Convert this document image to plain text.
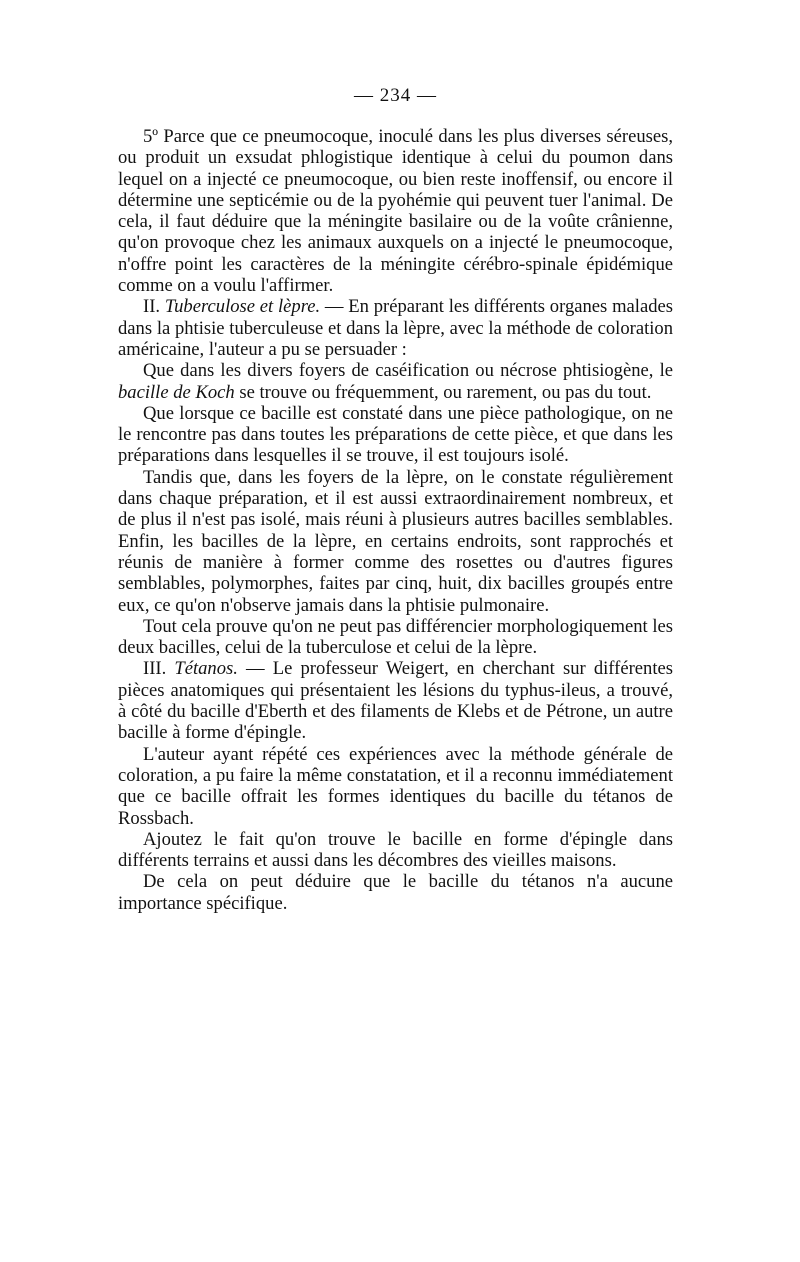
— 234 —

5º Parce que ce pneumocoque, inoculé dans les plus diverses séreuses, ou produit un exsudat phlogistique identique à celui du poumon dans lequel on a injecté ce pneumocoque, ou bien reste inoffensif, ou encore il détermine une septicémie ou de la pyohémie qui peuvent tuer l'animal. De cela, il faut déduire que la méningite basilaire ou de la voûte crânienne, qu'on provoque chez les animaux auxquels on a injecté le pneumocoque, n'offre point les caractères de la méningite cérébro-spinale épidémique comme on a voulu l'affirmer.

II. Tuberculose et lèpre. — En préparant les différents organes malades dans la phtisie tuberculeuse et dans la lèpre, avec la méthode de coloration américaine, l'auteur a pu se persuader :

Que dans les divers foyers de caséification ou nécrose phtisiogène, le bacille de Koch se trouve ou fréquemment, ou rarement, ou pas du tout.

Que lorsque ce bacille est constaté dans une pièce pathologique, on ne le rencontre pas dans toutes les préparations de cette pièce, et que dans les préparations dans lesquelles il se trouve, il est toujours isolé.

Tandis que, dans les foyers de la lèpre, on le constate régulièrement dans chaque préparation, et il est aussi extraordinairement nombreux, et de plus il n'est pas isolé, mais réuni à plusieurs autres bacilles semblables. Enfin, les bacilles de la lèpre, en certains endroits, sont rapprochés et réunis de manière à former comme des rosettes ou d'autres figures semblables, polymorphes, faites par cinq, huit, dix bacilles groupés entre eux, ce qu'on n'observe jamais dans la phtisie pulmonaire.

Tout cela prouve qu'on ne peut pas différencier morphologiquement les deux bacilles, celui de la tuberculose et celui de la lèpre.

III. Tétanos. — Le professeur Weigert, en cherchant sur différentes pièces anatomiques qui présentaient les lésions du typhus-ileus, a trouvé, à côté du bacille d'Eberth et des filaments de Klebs et de Pétrone, un autre bacille à forme d'épingle.

L'auteur ayant répété ces expériences avec la méthode générale de coloration, a pu faire la même constatation, et il a reconnu immédiatement que ce bacille offrait les formes identiques du bacille du tétanos de Rossbach.

Ajoutez le fait qu'on trouve le bacille en forme d'épingle dans différents terrains et aussi dans les décombres des vieilles maisons.

De cela on peut déduire que le bacille du tétanos n'a aucune importance spécifique.
